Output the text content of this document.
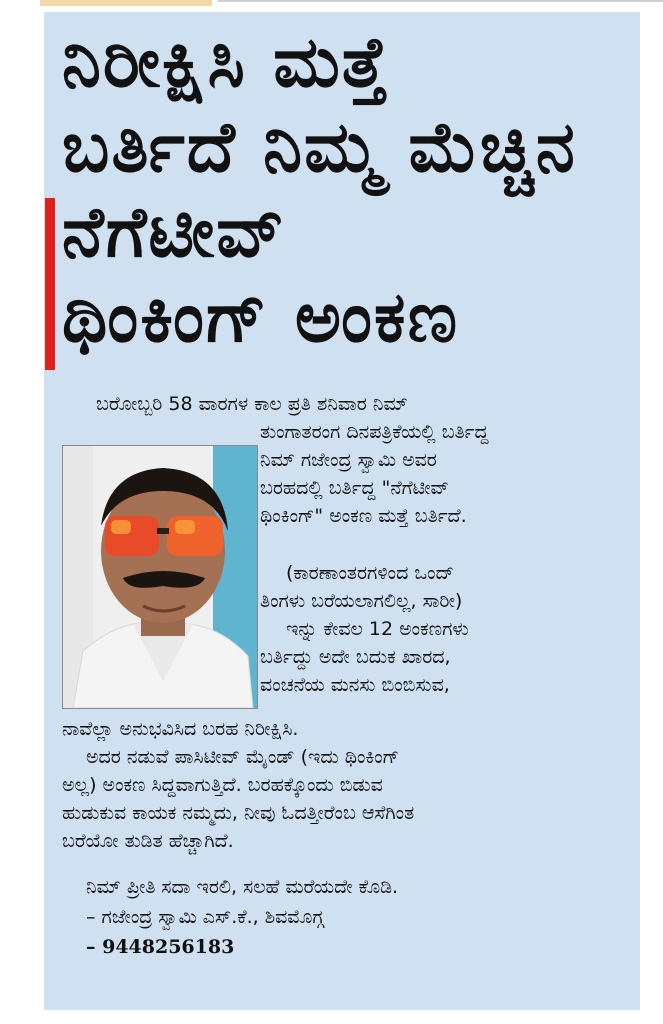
ನಿರೀಕ್ಷಿಸಿ ಮತ್ತೆ
ಬರ್ತಿದೆ ನಿಮ್ಮ ಮೆಚ್ಚಿನ
ನೆಗೆಟೀವ್
ಥಿಂಕಿಂಗ್ ಅಂಕಣ
ಬರೋಬ್ಬರಿ 58 ವಾರಗಳ ಕಾಲ ಪ್ರತಿ ಶನಿವಾರ ನಿಮ್
ತುಂಗಾತರಂಗ ದಿನಪತ್ರಿಕೆಯಲ್ಲಿ ಬರ್ತಿದ್ದ
ನಿಮ್ ಗಜೇಂದ್ರ ಸ್ವಾಮಿ ಅವರ
ಬರಹದಲ್ಲಿ ಬರ್ತಿದ್ದ "ನೆಗೆಟೀವ್
ಥಿಂಕಿಂಗ್" ಅಂಕಣ ಮತ್ತೆ ಬರ್ತಿದೆ.
(ಕಾರಣಾಂತರಗಳಿಂದ ಒಂದ್
ತಿಂಗಳು ಬರೆಯಲಾಗಲಿಲ್ಲ, ಸಾರೀ)
ಇನ್ನು ಕೇವಲ 12 ಅಂಕಣಗಳು
ಬರ್ತಿದ್ದು ಅದೇ ಬದುಕ ಖಾರದ,
ವಂಚನೆಯ ಮನಸು ಬಿಂಬಿಸುವ,
ನಾವೆಲ್ಲಾ ಅನುಭವಿಸಿದ ಬರಹ ನಿರೀಕ್ಷಿಸಿ.
ಅದರ ನಡುವೆ ಪಾಸಿಟೀವ್ ಮೈಂಡ್ (ಇದು ಥಿಂಕಿಂಗ್
ಅಲ್ಲ) ಅಂಕಣ ಸಿದ್ದವಾಗುತ್ತಿದೆ. ಬರಹಕ್ಕೊಂದು ಬಿಡುವ
ಹುಡುಕುವ ಕಾಯಕ ನಮ್ಮದು, ನೀವು ಓದತ್ತೀರೆಂಬ ಆಸೆಗಿಂತ
ಬರೆಯೋ ತುಡಿತ ಹೆಚ್ಚಾಗಿದೆ.
ನಿಮ್ ಪ್ರೀತಿ ಸದಾ ಇರಲಿ, ಸಲಹೆ ಮರೆಯದೇ ಕೊಡಿ.
– ಗಜೇಂದ್ರ ಸ್ವಾಮಿ ಎಸ್.ಕೆ., ಶಿವಮೊಗ್ಗ
– 9448256183
